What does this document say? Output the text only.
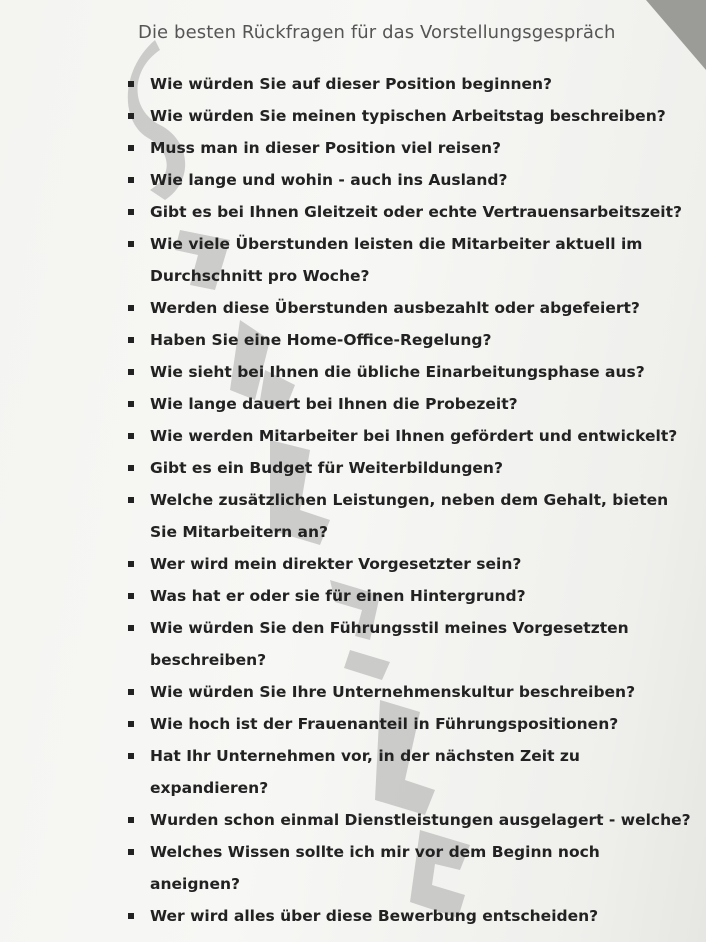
Die besten Rückfragen für das Vorstellungsgespräch
Wie würden Sie auf dieser Position beginnen?
Wie würden Sie meinen typischen Arbeitstag beschreiben?
Muss man in dieser Position viel reisen?
Wie lange und wohin - auch ins Ausland?
Gibt es bei Ihnen Gleitzeit oder echte Vertrauensarbeitszeit?
Wie viele Überstunden leisten die Mitarbeiter aktuell im
Durchschnitt pro Woche?
Werden diese Überstunden ausbezahlt oder abgefeiert?
Haben Sie eine Home-Office-Regelung?
Wie sieht bei Ihnen die übliche Einarbeitungsphase aus?
Wie lange dauert bei Ihnen die Probezeit?
Wie werden Mitarbeiter bei Ihnen gefördert und entwickelt?
Gibt es ein Budget für Weiterbildungen?
Welche zusätzlichen Leistungen, neben dem Gehalt, bieten
Sie Mitarbeitern an?
Wer wird mein direkter Vorgesetzter sein?
Was hat er oder sie für einen Hintergrund?
Wie würden Sie den Führungsstil meines Vorgesetzten
beschreiben?
Wie würden Sie Ihre Unternehmenskultur beschreiben?
Wie hoch ist der Frauenanteil in Führungspositionen?
Hat Ihr Unternehmen vor, in der nächsten Zeit zu
expandieren?
Wurden schon einmal Dienstleistungen ausgelagert - welche?
Welches Wissen sollte ich mir vor dem Beginn noch
aneignen?
Wer wird alles über diese Bewerbung entscheiden?
